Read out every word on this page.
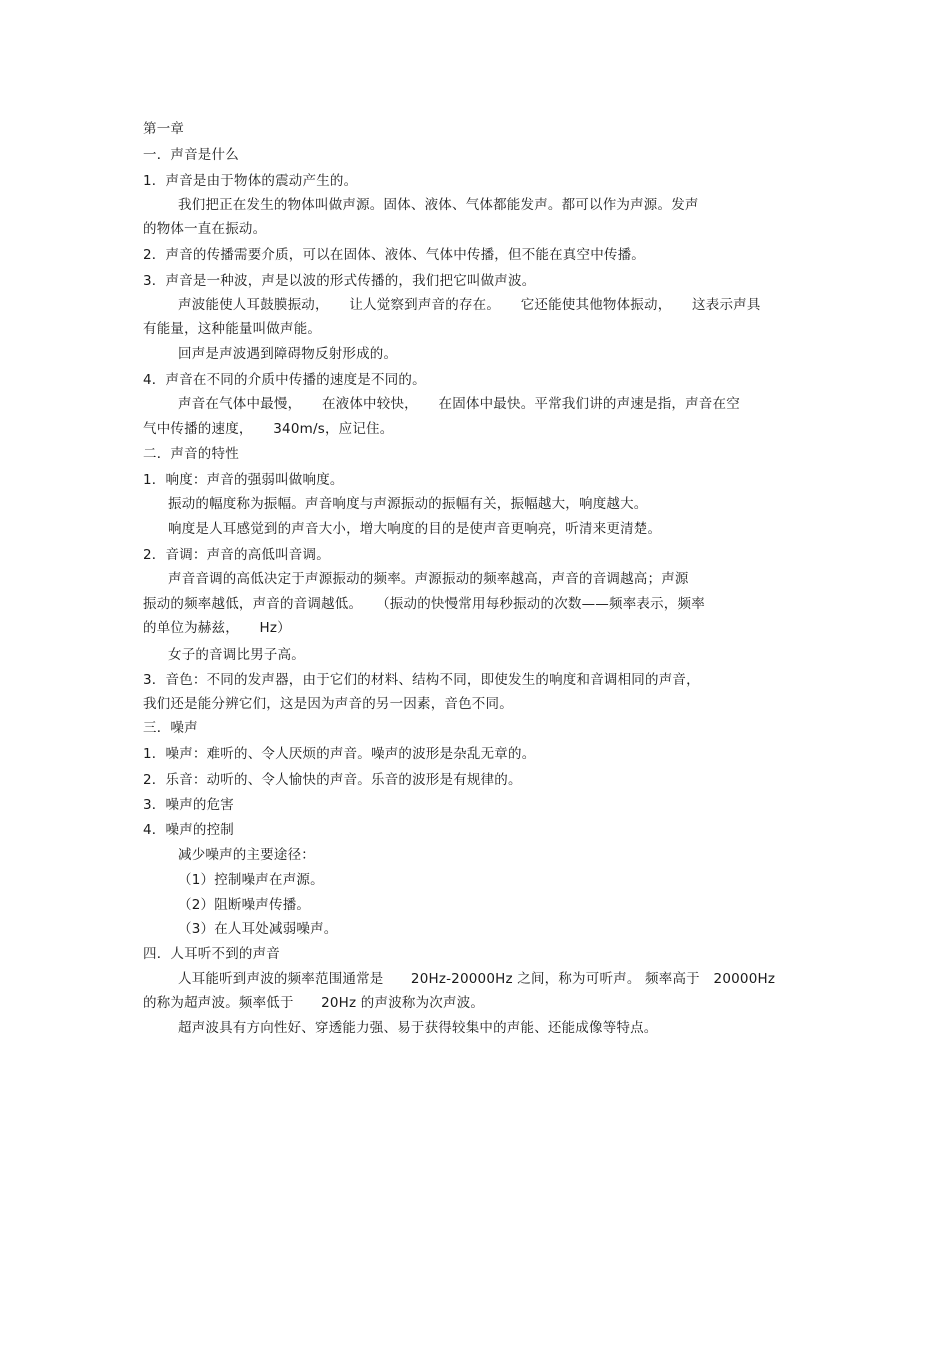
第一章
一．声音是什么
1．声音是由于物体的震动产生的。
我们把正在发生的物体叫做声源。固体、液体、气体都能发声。都可以作为声源。发声
的物体一直在振动。
2．声音的传播需要介质，可以在固体、液体、气体中传播，但不能在真空中传播。
3．声音是一种波，声是以波的形式传播的，我们把它叫做声波。
声波能使人耳鼓膜振动，　　让人觉察到声音的存在。　　它还能使其他物体振动，　　这表示声具
有能量，这种能量叫做声能。
回声是声波遇到障碍物反射形成的。
4．声音在不同的介质中传播的速度是不同的。
声音在气体中最慢，　　在液体中较快，　　在固体中最快。平常我们讲的声速是指，声音在空
气中传播的速度，　　340m/s，应记住。
二．声音的特性
1．响度：声音的强弱叫做响度。
振动的幅度称为振幅。声音响度与声源振动的振幅有关，振幅越大，响度越大。
响度是人耳感觉到的声音大小，增大响度的目的是使声音更响亮，听清来更清楚。
2．音调：声音的高低叫音调。
声音音调的高低决定于声源振动的频率。声源振动的频率越高，声音的音调越高；声源
振动的频率越低，声音的音调越低。　　（振动的快慢常用每秒振动的次数——频率表示，频率
的单位为赫兹，　　Hz）
女子的音调比男子高。
3．音色：不同的发声器，由于它们的材料、结构不同，即使发生的响度和音调相同的声音，
我们还是能分辨它们，这是因为声音的另一因素，音色不同。
三．噪声
1．噪声：难听的、令人厌烦的声音。噪声的波形是杂乱无章的。
2．乐音：动听的、令人愉快的声音。乐音的波形是有规律的。
3．噪声的危害
4．噪声的控制
减少噪声的主要途径：
（1）控制噪声在声源。
（2）阻断噪声传播。
（3）在人耳处减弱噪声。
四．人耳听不到的声音
人耳能听到声波的频率范围通常是　　20Hz-20000Hz 之间，称为可听声。 频率高于　20000Hz
的称为超声波。频率低于　　20Hz 的声波称为次声波。
超声波具有方向性好、穿透能力强、易于获得较集中的声能、还能成像等特点。
